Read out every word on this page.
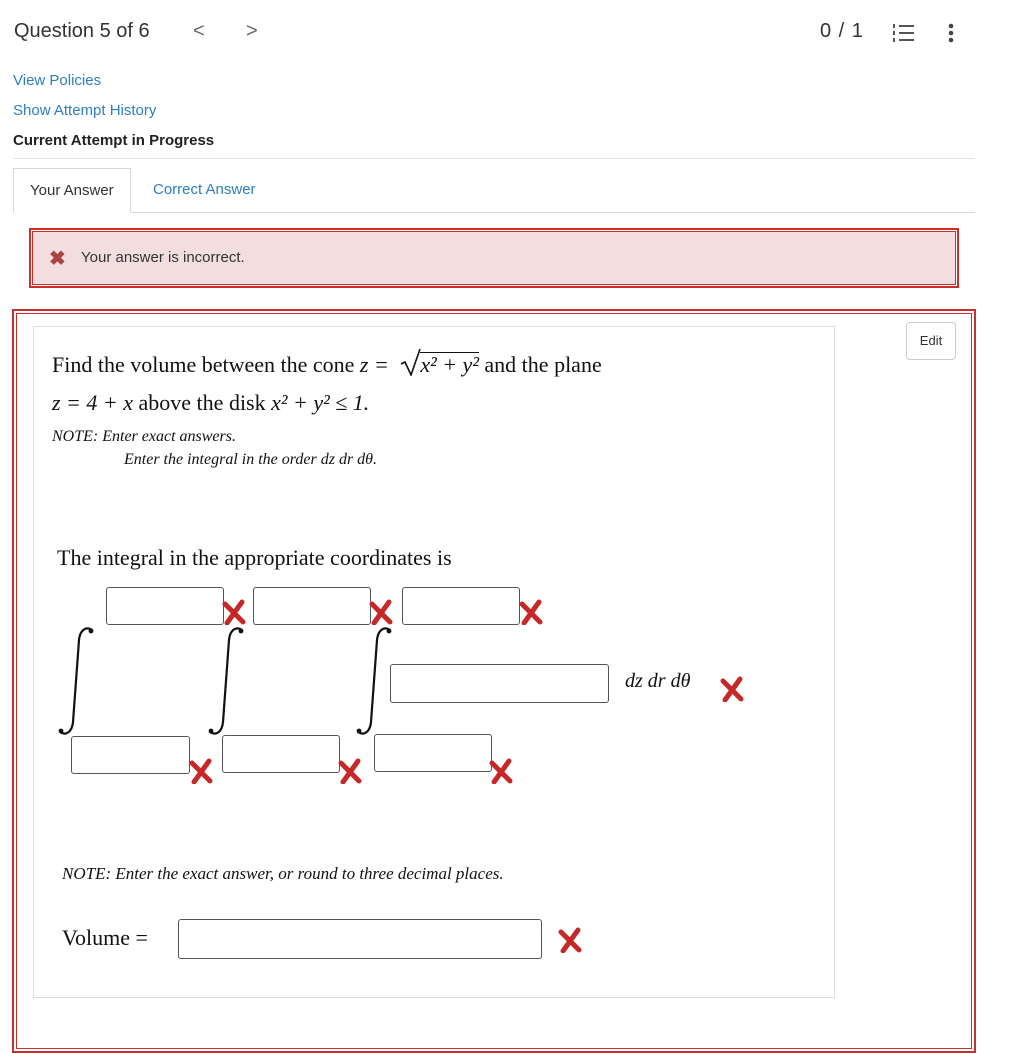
Question 5 of 6 < >	0 / 1
View Policies
Show Attempt History
Current Attempt in Progress
Your Answer	Correct Answer
✖ Your answer is incorrect.
Edit
Find the volume between the cone z = x² + y² and the plane
z = 4 + x above the disk x² + y² ≤ 1.
NOTE: Enter exact answers.
Enter the integral in the order dz dr dθ.
The integral in the appropriate coordinates is
dz dr dθ
NOTE: Enter the exact answer, or round to three decimal places.
Volume =
